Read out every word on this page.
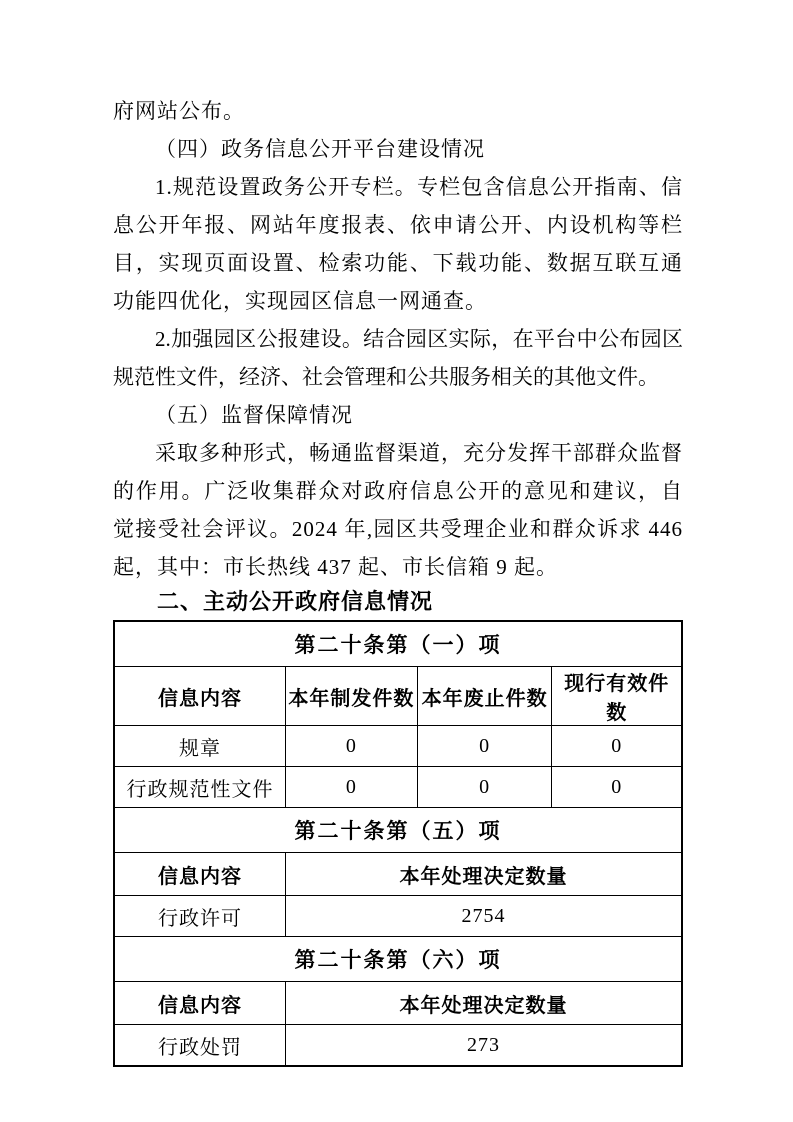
府网站公布。

（四）政务信息公开平台建设情况

1.规范设置政务公开专栏。专栏包含信息公开指南、信息公开年报、网站年度报表、依申请公开、内设机构等栏目，实现页面设置、检索功能、下载功能、数据互联互通功能四优化，实现园区信息一网通查。

2.加强园区公报建设。结合园区实际，在平台中公布园区规范性文件，经济、社会管理和公共服务相关的其他文件。

（五）监督保障情况

采取多种形式，畅通监督渠道，充分发挥干部群众监督的作用。广泛收集群众对政府信息公开的意见和建议，自觉接受社会评议。2024 年,园区共受理企业和群众诉求 446 起，其中：市长热线 437 起、市长信箱 9 起。

二、主动公开政府信息情况
第二十条第（一）项			
信息内容	本年制发件数	本年废止件数	现行有效件数
规章	0	0	0
行政规范性文件	0	0	0
第二十条第（五）项			
信息内容	本年处理决定数量		
行政许可	2754		
第二十条第（六）项			
信息内容	本年处理决定数量		
行政处罚	273		
